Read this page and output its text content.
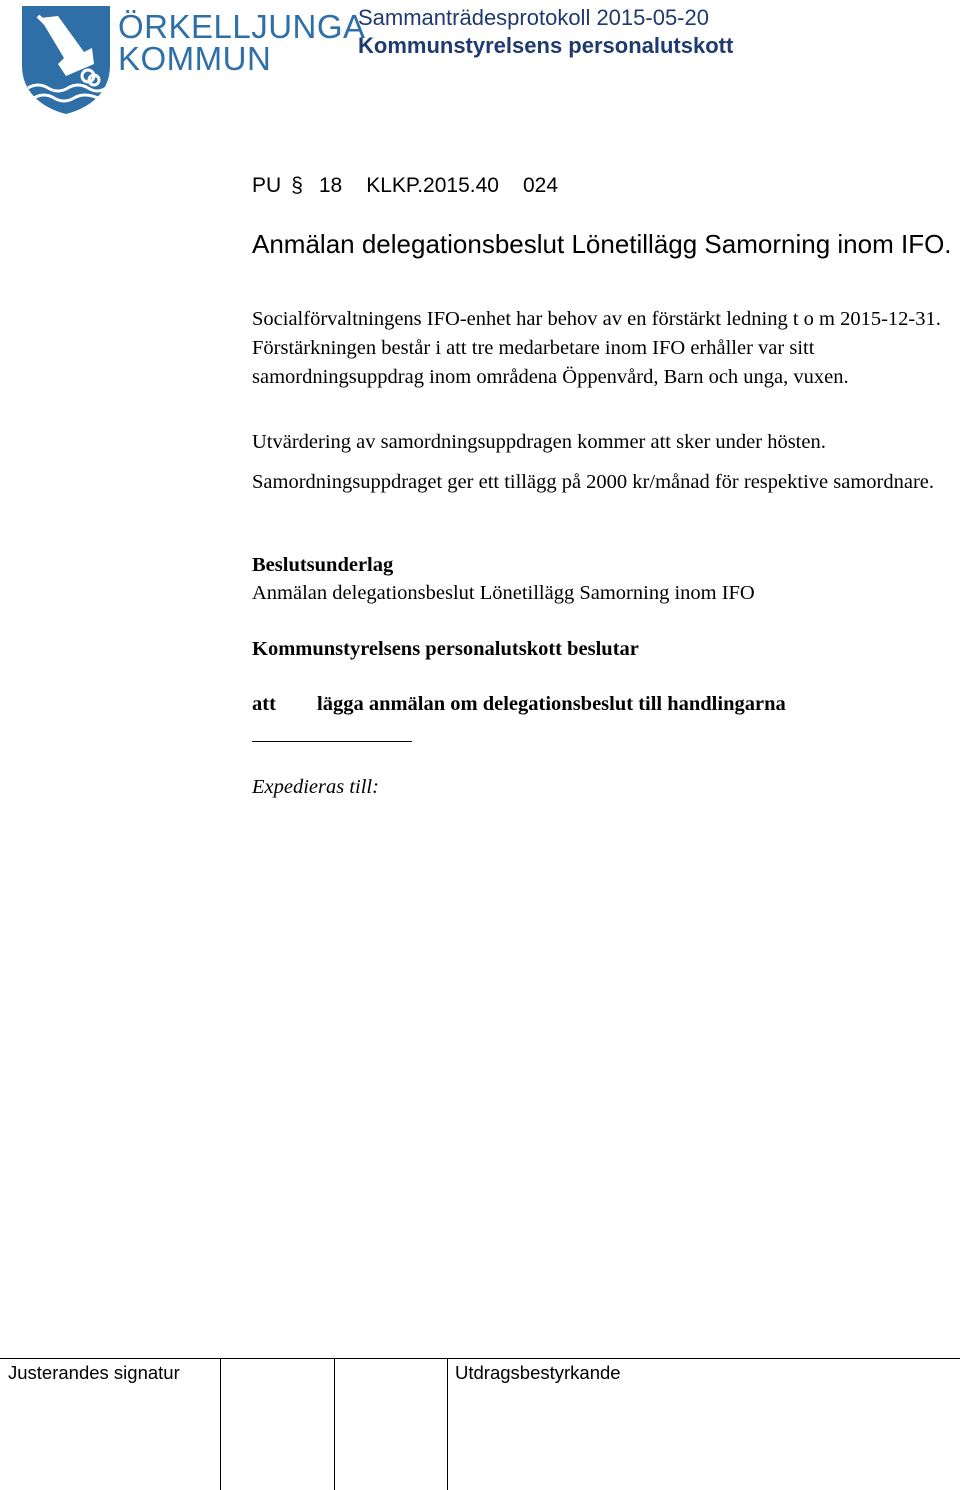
ÖRKELLJUNGA
KOMMUN
Sammanträdesprotokoll 2015-05-20
Kommunstyrelsens personalutskott
PU § 18 KLKP.2015.40 024
Anmälan delegationsbeslut Lönetillägg Samorning inom IFO.
Socialförvaltningens IFO-enhet har behov av en förstärkt ledning t o m 2015-12-31. Förstärkningen består i att tre medarbetare inom IFO erhåller var sitt samordningsuppdrag inom områdena Öppenvård, Barn och unga, vuxen.
Utvärdering av samordningsuppdragen kommer att sker under hösten.
Samordningsuppdraget ger ett tillägg på 2000 kr/månad för respektive samordnare.
Beslutsunderlag
Anmälan delegationsbeslut Lönetillägg Samorning inom IFO
Kommunstyrelsens personalutskott beslutar
att lägga anmälan om delegationsbeslut till handlingarna
Expedieras till:
Justerandes signatur	Utdragsbestyrkande
